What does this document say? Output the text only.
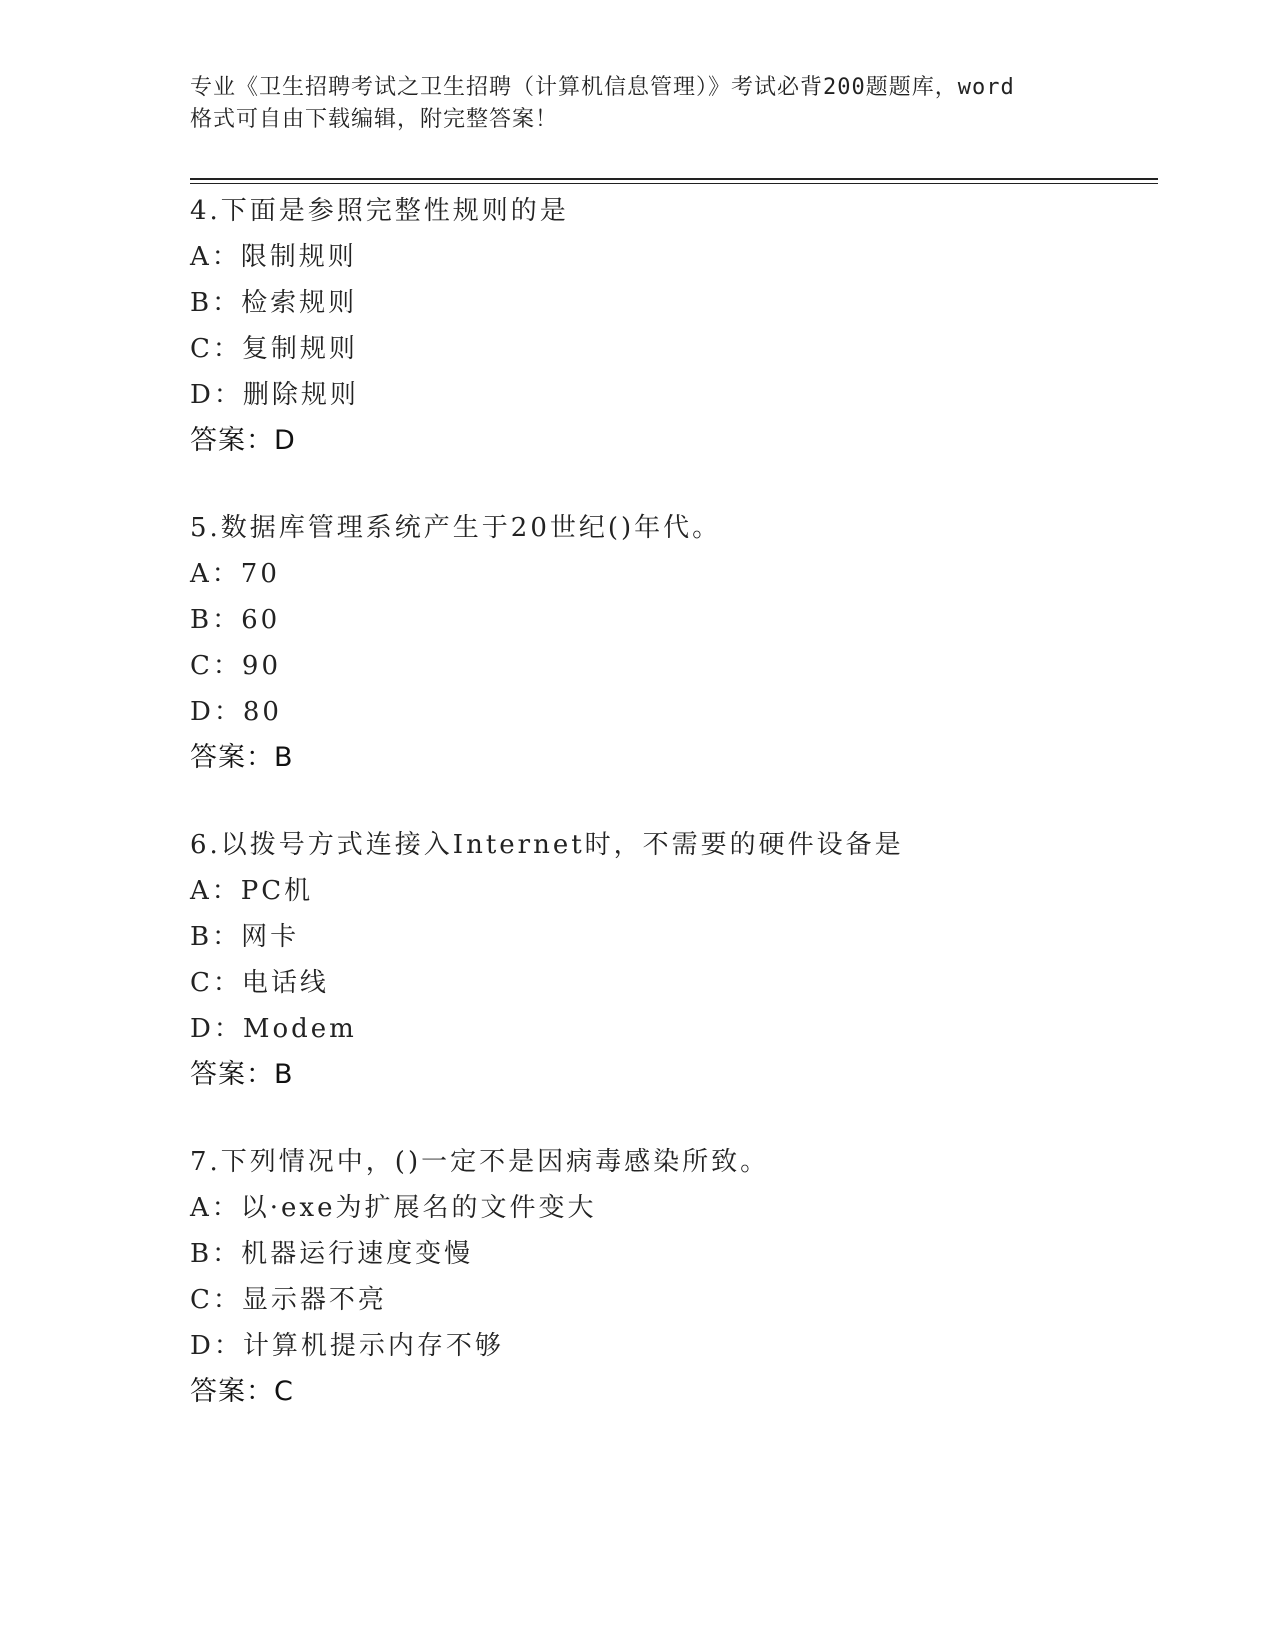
专业《卫生招聘考试之卫生招聘（计算机信息管理）》考试必背200题题库，word
格式可自由下载编辑，附完整答案！
4.下面是参照完整性规则的是
A：限制规则
B：检索规则
C：复制规则
D：删除规则
答案：D
5.数据库管理系统产生于20世纪()年代。
A：70
B：60
C：90
D：80
答案：B
6.以拨号方式连接入Internet时，不需要的硬件设备是
A：PC机
B：网卡
C：电话线
D：Modem
答案：B
7.下列情况中，()一定不是因病毒感染所致。
A：以·exe为扩展名的文件变大
B：机器运行速度变慢
C：显示器不亮
D：计算机提示内存不够
答案：C
